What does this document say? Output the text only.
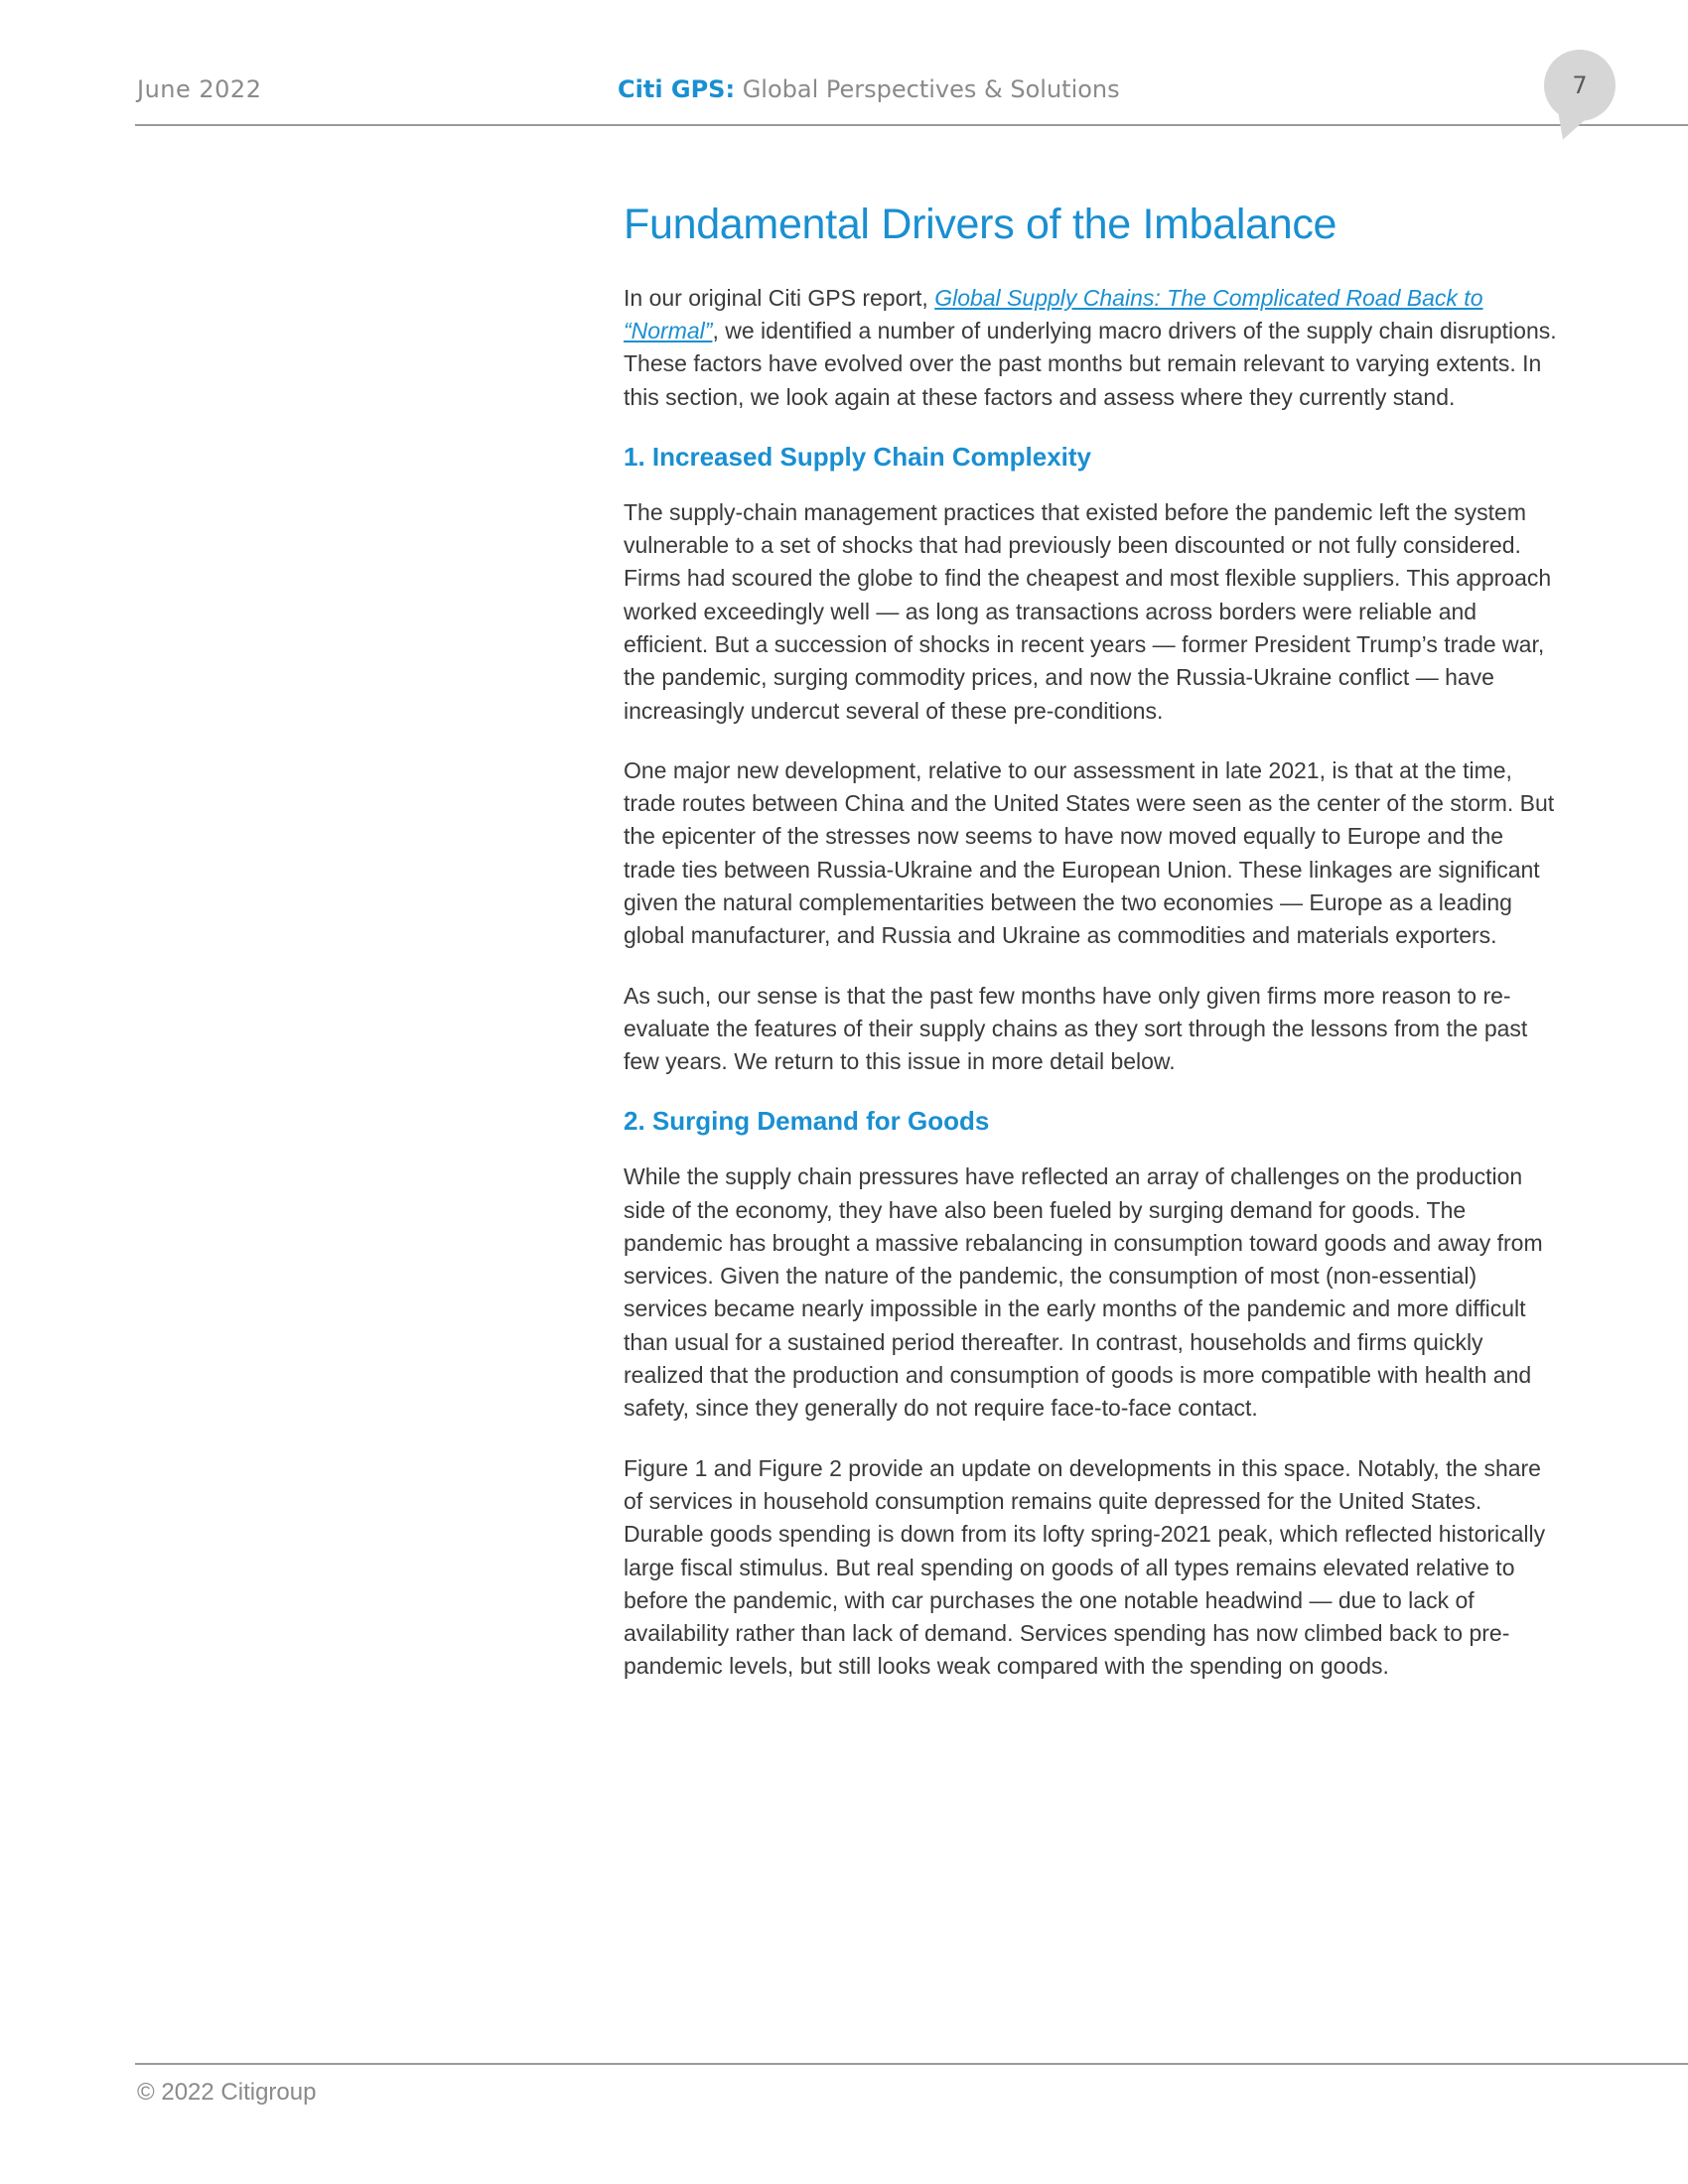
June 2022	Citi GPS: Global Perspectives & Solutions	7
Fundamental Drivers of the Imbalance

In our original Citi GPS report, Global Supply Chains: The Complicated Road Back to “Normal”, we identified a number of underlying macro drivers of the supply chain disruptions. These factors have evolved over the past months but remain relevant to varying extents. In this section, we look again at these factors and assess where they currently stand.

1. Increased Supply Chain Complexity

The supply-chain management practices that existed before the pandemic left the system vulnerable to a set of shocks that had previously been discounted or not fully considered. Firms had scoured the globe to find the cheapest and most flexible suppliers. This approach worked exceedingly well — as long as transactions across borders were reliable and efficient. But a succession of shocks in recent years — former President Trump’s trade war, the pandemic, surging commodity prices, and now the Russia-Ukraine conflict — have increasingly undercut several of these pre-conditions.

One major new development, relative to our assessment in late 2021, is that at the time, trade routes between China and the United States were seen as the center of the storm. But the epicenter of the stresses now seems to have now moved equally to Europe and the trade ties between Russia-Ukraine and the European Union. These linkages are significant given the natural complementarities between the two economies — Europe as a leading global manufacturer, and Russia and Ukraine as commodities and materials exporters.

As such, our sense is that the past few months have only given firms more reason to re-evaluate the features of their supply chains as they sort through the lessons from the past few years. We return to this issue in more detail below.

2. Surging Demand for Goods

While the supply chain pressures have reflected an array of challenges on the production side of the economy, they have also been fueled by surging demand for goods. The pandemic has brought a massive rebalancing in consumption toward goods and away from services. Given the nature of the pandemic, the consumption of most (non-essential) services became nearly impossible in the early months of the pandemic and more difficult than usual for a sustained period thereafter. In contrast, households and firms quickly realized that the production and consumption of goods is more compatible with health and safety, since they generally do not require face-to-face contact.

Figure 1 and Figure 2 provide an update on developments in this space. Notably, the share of services in household consumption remains quite depressed for the United States. Durable goods spending is down from its lofty spring-2021 peak, which reflected historically large fiscal stimulus. But real spending on goods of all types remains elevated relative to before the pandemic, with car purchases the one notable headwind — due to lack of availability rather than lack of demand. Services spending has now climbed back to pre-pandemic levels, but still looks weak compared with the spending on goods.

© 2022 Citigroup
